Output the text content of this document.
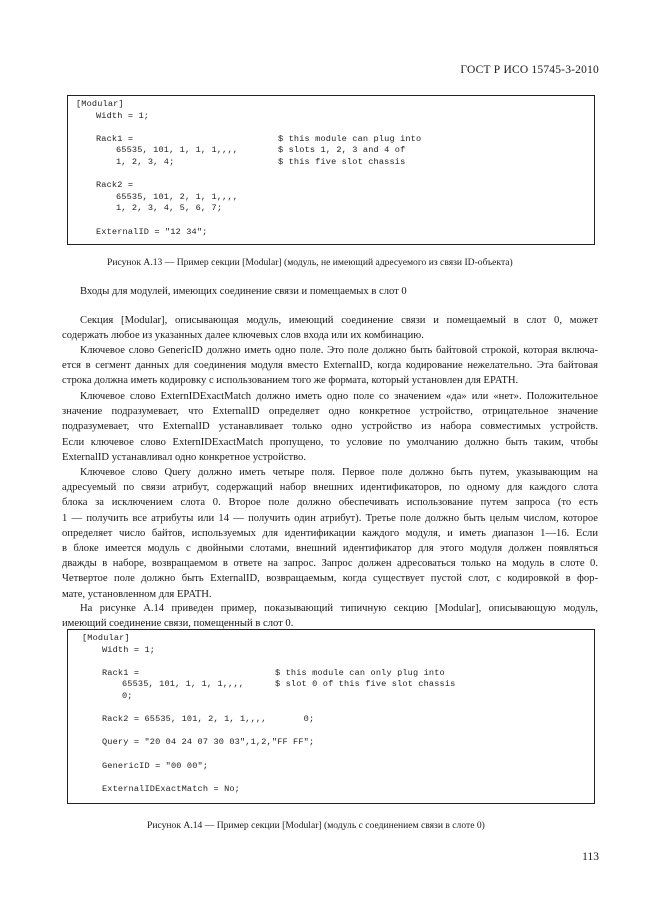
ГОСТ Р ИСО 15745-3-2010
[Modular]
Width = 1;
Rack1 =	$ this module can plug into
65535, 101, 1, 1, 1,,,,	$ slots 1, 2, 3 and 4 of
1, 2, 3, 4;	$ this five slot chassis
Rack2 =
65535, 101, 2, 1, 1,,,,
1, 2, 3, 4, 5, 6, 7;
ExternalID = "12 34";
Рисунок А.13 — Пример секции [Modular] (модуль, не имеющий адресуемого из связи ID-объекта)
Входы для модулей, имеющих соединение связи и помещаемых в слот 0
Секция [Modular], описывающая модуль, имеющий соединение связи и помещаемый в слот 0, может
содержать любое из указанных далее ключевых слов входа или их комбинацию.
Ключевое слово GenericID должно иметь одно поле. Это поле должно быть байтовой строкой, которая включа-
ется в сегмент данных для соединения модуля вместо ExternalID, когда кодирование нежелательно. Эта байтовая
строка должна иметь кодировку с использованием того же формата, который установлен для EPATH.
Ключевое слово ExternIDExactMatch должно иметь одно поле со значением «да» или «нет». Положительное
значение подразумевает, что ExternalID определяет одно конкретное устройство, отрицательное значение
подразумевает, что ExternalID устанавливает только одно устройство из набора совместимых устройств.
Если ключевое слово ExternIDExactMatch пропущено, то условие по умолчанию должно быть таким, чтобы
ExternalID устанавливал одно конкретное устройство.
Ключевое слово Query должно иметь четыре поля. Первое поле должно быть путем, указывающим на
адресуемый по связи атрибут, содержащий набор внешних идентификаторов, по одному для каждого слота
блока за исключением слота 0. Второе поле должно обеспечивать использование путем запроса (то есть
1 — получить все атрибуты или 14 — получить один атрибут). Третье поле должно быть целым числом, которое
определяет число байтов, используемых для идентификации каждого модуля, и иметь диапазон 1—16. Если
в блоке имеется модуль с двойными слотами, внешний идентификатор для этого модуля должен появляться
дважды в наборе, возвращаемом в ответе на запрос. Запрос должен адресоваться только на модуль в слоте 0.
Четвертое поле должно быть ExternalID, возвращаемым, когда существует пустой слот, с кодировкой в фор-
мате, установленном для EPATH.
На рисунке А.14 приведен пример, показывающий типичную секцию [Modular], описывающую модуль,
имеющий соединение связи, помещенный в слот 0.
[Modular]
Width = 1;
Rack1 =	$ this module can only plug into
65535, 101, 1, 1, 1,,,,	$ slot 0 of this five slot chassis
0;
Rack2 = 65535, 101, 2, 1, 1,,,,       0;
Query = "20 04 24 07 30 03",1,2,"FF FF";
GenericID = "00 00";
ExternalIDExactMatch = No;
Рисунок А.14 — Пример секции [Modular] (модуль с соединением связи в слоте 0)
113
